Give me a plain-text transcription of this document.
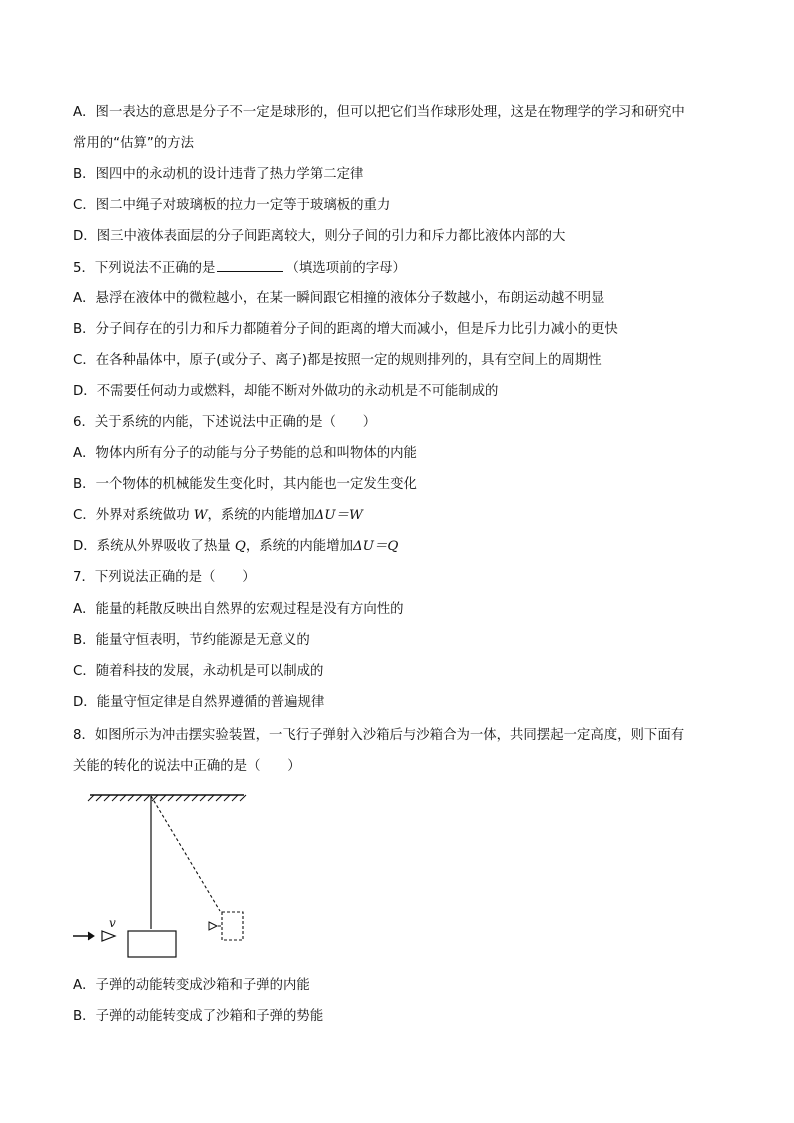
A．图一表达的意思是分子不一定是球形的，但可以把它们当作球形处理，这是在物理学的学习和研究中
常用的“估算”的方法
B．图四中的永动机的设计违背了热力学第二定律
C．图二中绳子对玻璃板的拉力一定等于玻璃板的重力
D．图三中液体表面层的分子间距离较大，则分子间的引力和斥力都比液体内部的大
5．下列说法不正确的是	（填选项前的字母）
A．悬浮在液体中的微粒越小，在某一瞬间跟它相撞的液体分子数越小，布朗运动越不明显
B．分子间存在的引力和斥力都随着分子间的距离的增大而减小，但是斥力比引力减小的更快
C．在各种晶体中，原子(或分子、离子)都是按照一定的规则排列的，具有空间上的周期性
D．不需要任何动力或燃料，却能不断对外做功的永动机是不可能制成的
6．关于系统的内能，下述说法中正确的是（　　）
A．物体内所有分子的动能与分子势能的总和叫物体的内能
B．一个物体的机械能发生变化时，其内能也一定发生变化
C．外界对系统做功 W，系统的内能增加ΔU＝W
D．系统从外界吸收了热量 Q，系统的内能增加ΔU＝Q
7．下列说法正确的是（　　）
A．能量的耗散反映出自然界的宏观过程是没有方向性的
B．能量守恒表明，节约能源是无意义的
C．随着科技的发展，永动机是可以制成的
D．能量守恒定律是自然界遵循的普遍规律
8．如图所示为冲击摆实验装置，一飞行子弹射入沙箱后与沙箱合为一体，共同摆起一定高度，则下面有
关能的转化的说法中正确的是（　　）
v
A．子弹的动能转变成沙箱和子弹的内能
B．子弹的动能转变成了沙箱和子弹的势能
